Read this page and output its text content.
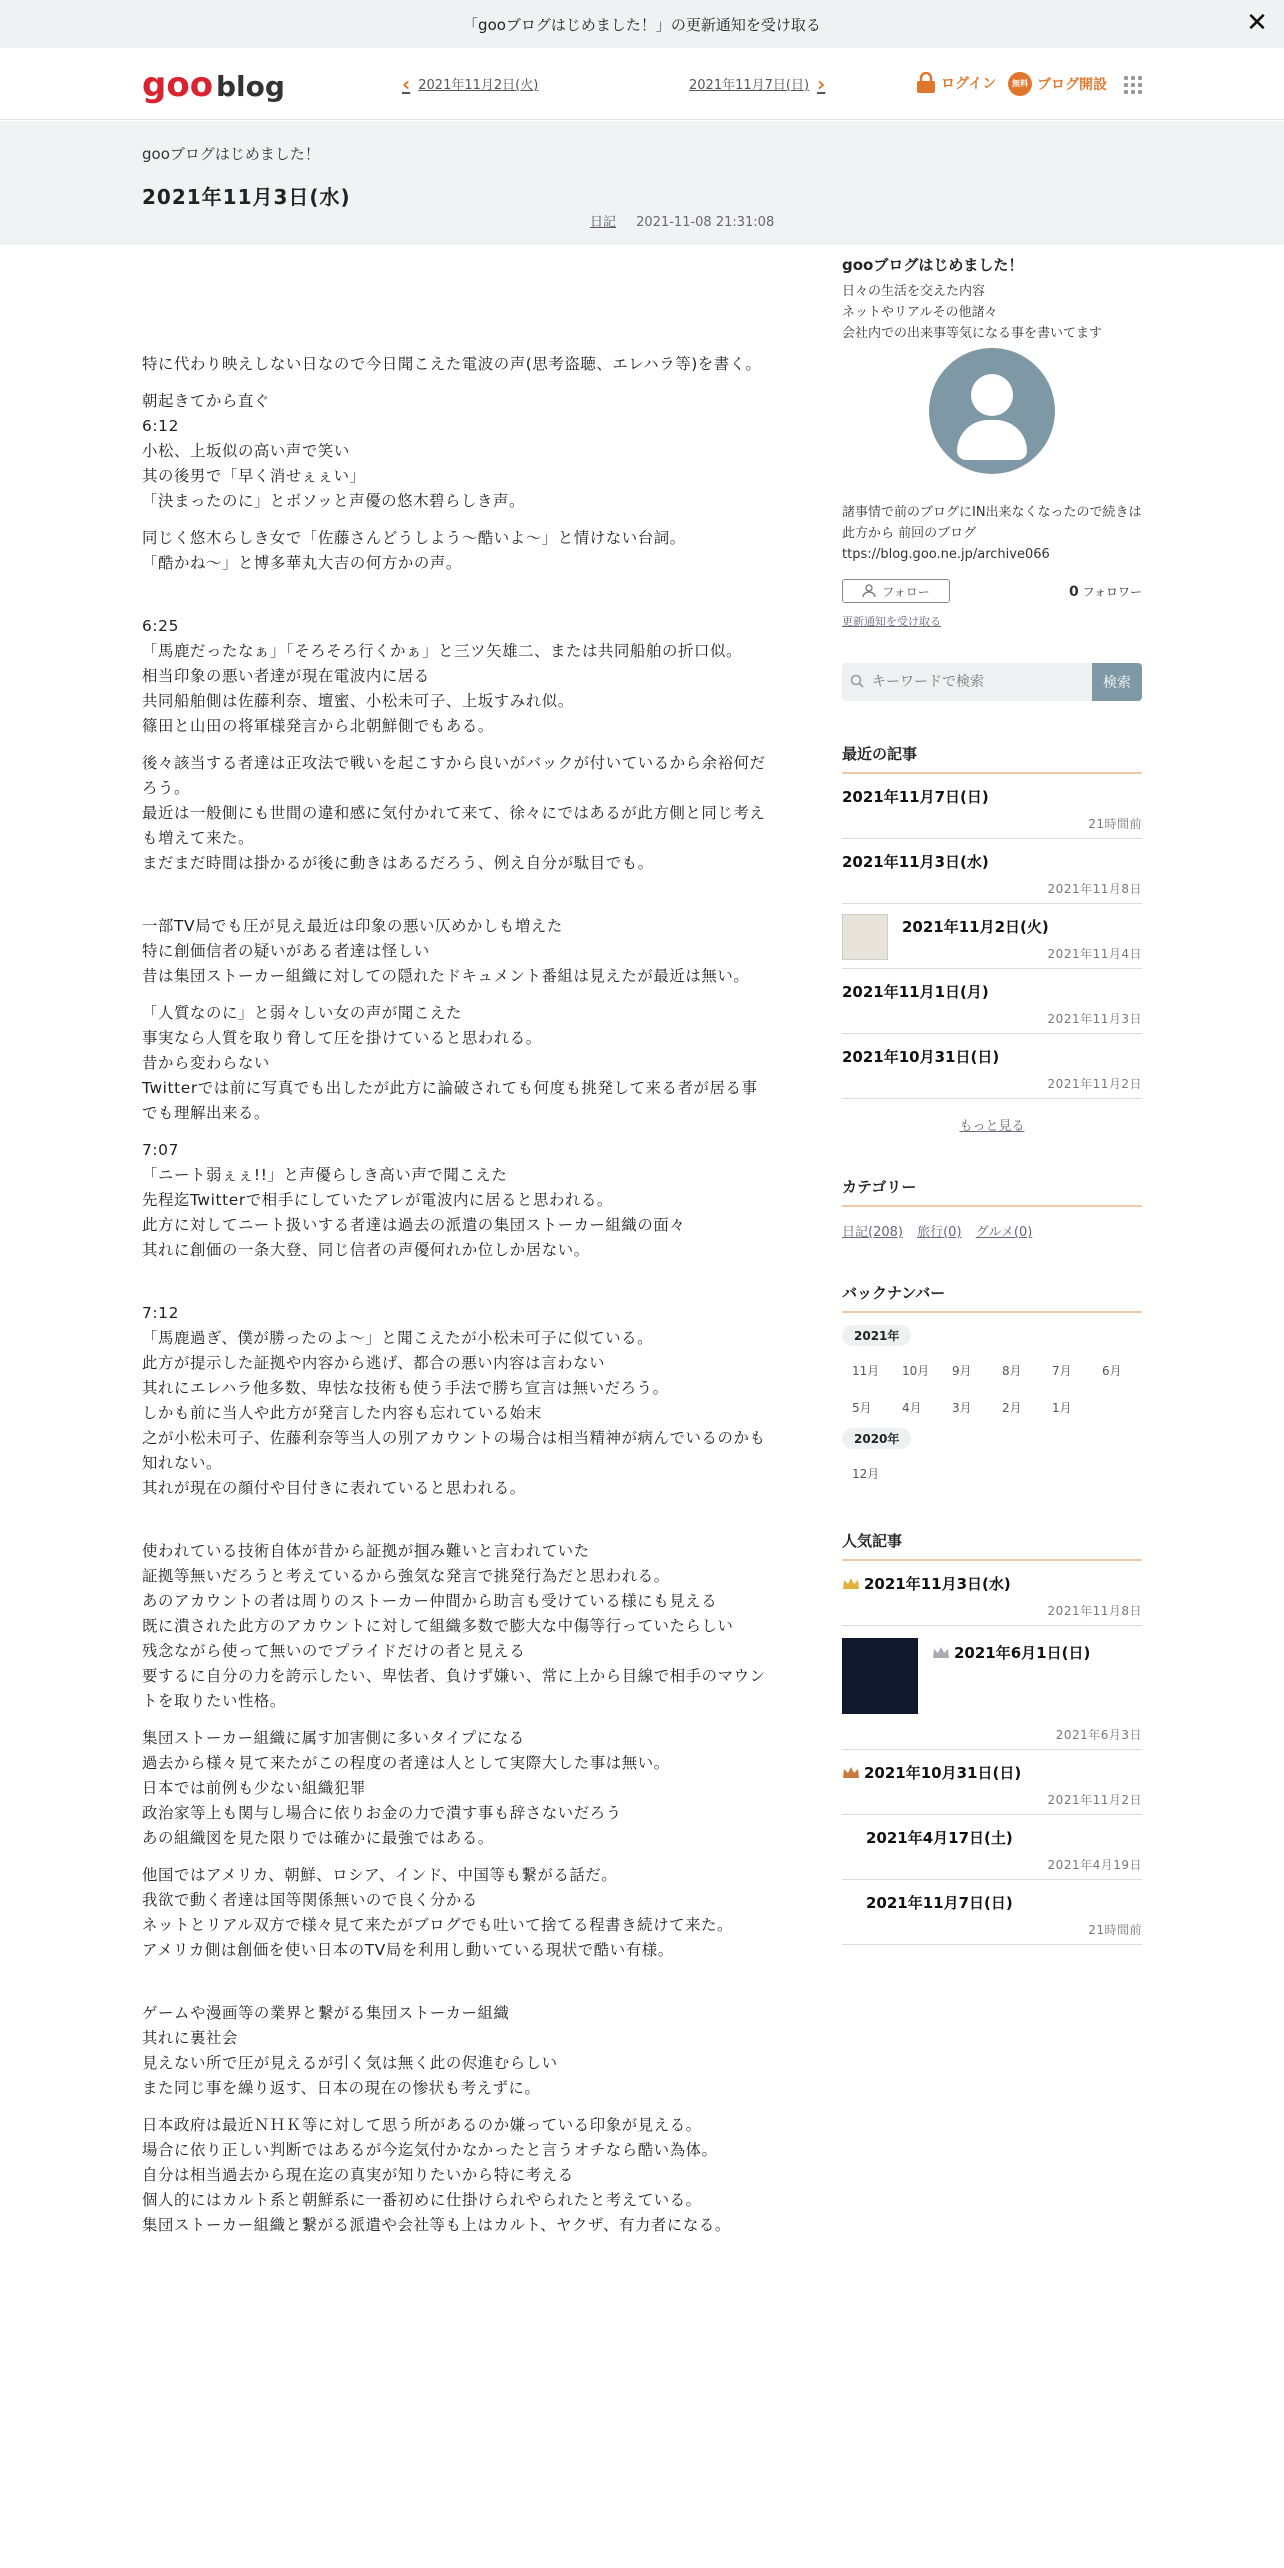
「gooブログはじめました！」の更新通知を受け取る	✕
goo blog	‹ 2021年11月2日(火)	2021年11月7日(日) ›	ログイン	無料 ブログ開設
gooブログはじめました！
2021年11月3日(水)
日記 2021-11-08 21:31:08

特に代わり映えしない日なので今日聞こえた電波の声(思考盗聴、エレハラ等)を書く。

朝起きてから直ぐ
6:12
小松、上坂似の高い声で笑い
其の後男で「早く消せぇぇい」
「決まったのに」とボソッと声優の悠木碧らしき声。

同じく悠木らしき女で「佐藤さんどうしよう～酷いよ～」と情けない台詞。
「酷かね～」と博多華丸大吉の何方かの声。

6:25
「馬鹿だったなぁ」「そろそろ行くかぁ」と三ツ矢雄二、または共同船舶の折口似。
相当印象の悪い者達が現在電波内に居る
共同船舶側は佐藤利奈、壇蜜、小松未可子、上坂すみれ似。
篠田と山田の将軍様発言から北朝鮮側でもある。

後々該当する者達は正攻法で戦いを起こすから良いがバックが付いているから余裕何だろう。
最近は一般側にも世間の違和感に気付かれて来て、徐々にではあるが此方側と同じ考えも増えて来た。
まだまだ時間は掛かるが後に動きはあるだろう、例え自分が駄目でも。

一部TV局でも圧が見え最近は印象の悪い仄めかしも増えた
特に創価信者の疑いがある者達は怪しい
昔は集団ストーカー組織に対しての隠れたドキュメント番組は見えたが最近は無い。

「人質なのに」と弱々しい女の声が聞こえた
事実なら人質を取り脅して圧を掛けていると思われる。
昔から変わらない
Twitterでは前に写真でも出したが此方に論破されても何度も挑発して来る者が居る事でも理解出来る。

7:07
「ニート弱ぇぇ!!」と声優らしき高い声で聞こえた
先程迄Twitterで相手にしていたアレが電波内に居ると思われる。
此方に対してニート扱いする者達は過去の派遣の集団ストーカー組織の面々
其れに創価の一条大登、同じ信者の声優何れか位しか居ない。

7:12
「馬鹿過ぎ、僕が勝ったのよ～」と聞こえたが小松未可子に似ている。
此方が提示した証拠や内容から逃げ、都合の悪い内容は言わない
其れにエレハラ他多数、卑怯な技術も使う手法で勝ち宣言は無いだろう。
しかも前に当人や此方が発言した内容も忘れている始末
之が小松未可子、佐藤利奈等当人の別アカウントの場合は相当精神が病んでいるのかも知れない。
其れが現在の顔付や目付きに表れていると思われる。

使われている技術自体が昔から証拠が掴み難いと言われていた
証拠等無いだろうと考えているから強気な発言で挑発行為だと思われる。
あのアカウントの者は周りのストーカー仲間から助言も受けている様にも見える
既に潰された此方のアカウントに対して組織多数で膨大な中傷等行っていたらしい
残念ながら使って無いのでプライドだけの者と見える
要するに自分の力を誇示したい、卑怯者、負けず嫌い、常に上から目線で相手のマウントを取りたい性格。

集団ストーカー組織に属す加害側に多いタイプになる
過去から様々見て来たがこの程度の者達は人として実際大した事は無い。
日本では前例も少ない組織犯罪
政治家等上も関与し場合に依りお金の力で潰す事も辞さないだろう
あの組織図を見た限りでは確かに最強ではある。

他国ではアメリカ、朝鮮、ロシア、インド、中国等も繋がる話だ。
我欲で動く者達は国等関係無いので良く分かる
ネットとリアル双方で様々見て来たがブログでも吐いて捨てる程書き続けて来た。
アメリカ側は創価を使い日本のTV局を利用し動いている現状で酷い有様。

ゲームや漫画等の業界と繋がる集団ストーカー組織
其れに裏社会
見えない所で圧が見えるが引く気は無く此の侭進むらしい
また同じ事を繰り返す、日本の現在の惨状も考えずに。

日本政府は最近ＮＨＫ等に対して思う所があるのか嫌っている印象が見える。
場合に依り正しい判断ではあるが今迄気付かなかったと言うオチなら酷い為体。
自分は相当過去から現在迄の真実が知りたいから特に考える
個人的にはカルト系と朝鮮系に一番初めに仕掛けられやられたと考えている。
集団ストーカー組織と繋がる派遣や会社等も上はカルト、ヤクザ、有力者になる。

gooブログはじめました！
日々の生活を交えた内容
ネットやリアルその他諸々
会社内での出来事等気になる事を書いてます
諸事情で前のブログにIN出来なくなったので続きは此方から 前回のブログ ttps://blog.goo.ne.jp/archive066
フォロー	0 フォロワー
更新通知を受け取る
キーワードで検索
検索
最近の記事
2021年11月7日(日)
21時間前
2021年11月3日(水)
2021年11月8日
2021年11月2日(火)
2021年11月4日
2021年11月1日(月)
2021年11月3日
2021年10月31日(日)
2021年11月2日
もっと見る
カテゴリー
日記(208) 旅行(0) グルメ(0)
バックナンバー
2021年
11月	10月	9月	8月	7月	6月
5月	4月	3月	2月	1月
2020年
12月
人気記事
2021年11月3日(水)
2021年11月8日
2021年6月1日(日)
2021年6月3日
2021年10月31日(日)
2021年11月2日
2021年4月17日(土)
2021年4月19日
2021年11月7日(日)
21時間前
